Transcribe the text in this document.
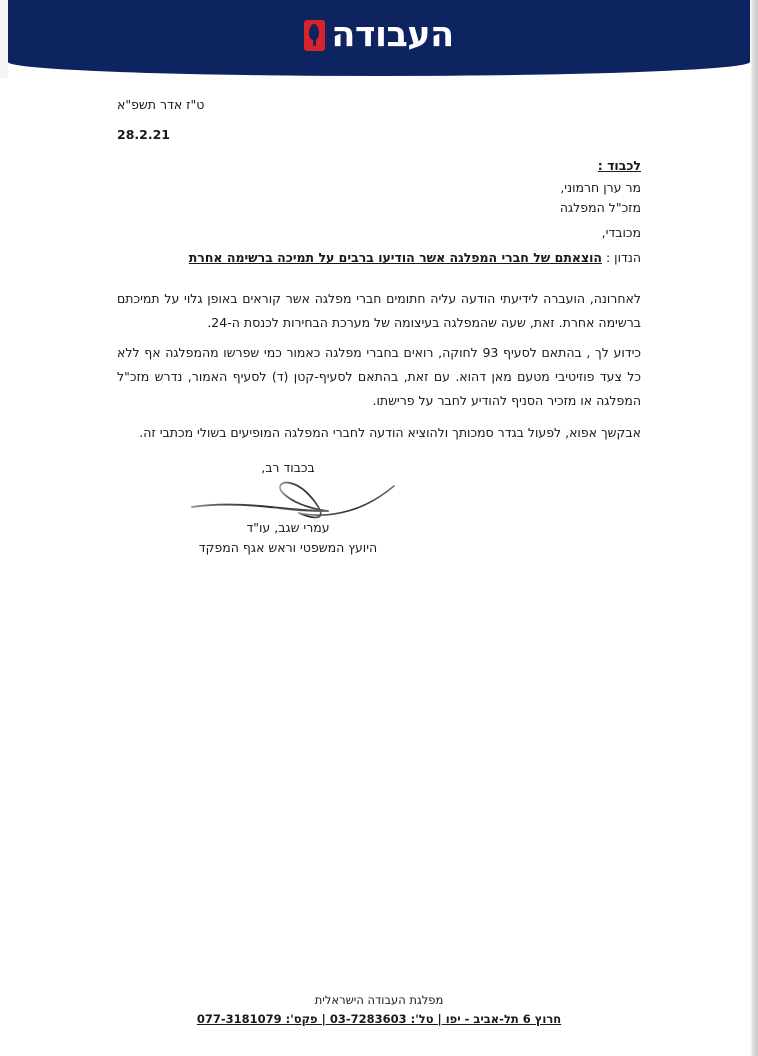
העבודה
ט"ז אדר תשפ"א
28.2.21
לכבוד :
מר ערן חרמוני,
מזכ"ל המפלגה
מכובדי,
הנדון : הוצאתם של חברי המפלגה אשר הודיעו ברבים על תמיכה ברשימה אחרת

לאחרונה, הועברה לידיעתי הודעה עליה חתומים חברי מפלגה אשר קוראים באופן גלוי על תמיכתם ברשימה אחרת. זאת, שעה שהמפלגה בעיצומה של מערכת הבחירות לכנסת ה-24.

כידוע לך , בהתאם לסעיף 93 לחוקה, רואים בחברי מפלגה כאמור כמי שפרשו מהמפלגה אף ללא כל צעד פוזיטיבי מטעם מאן דהוא. עם זאת, בהתאם לסעיף-קטן (ד) לסעיף האמור, נדרש מזכ"ל המפלגה או מזכיר הסניף להודיע לחבר על פרישתו.

אבקשך אפוא, לפעול בגדר סמכותך ולהוציא הודעה לחברי המפלגה המופיעים בשולי מכתבי זה.

בכבוד רב,
עמרי שגב, עו"ד
היועץ המשפטי וראש אגף המפקד
מפלגת העבודה הישראלית
חרוץ 6 תל-אביב - יפו | טל': 03-7283603 | פקס': 077-3181079
